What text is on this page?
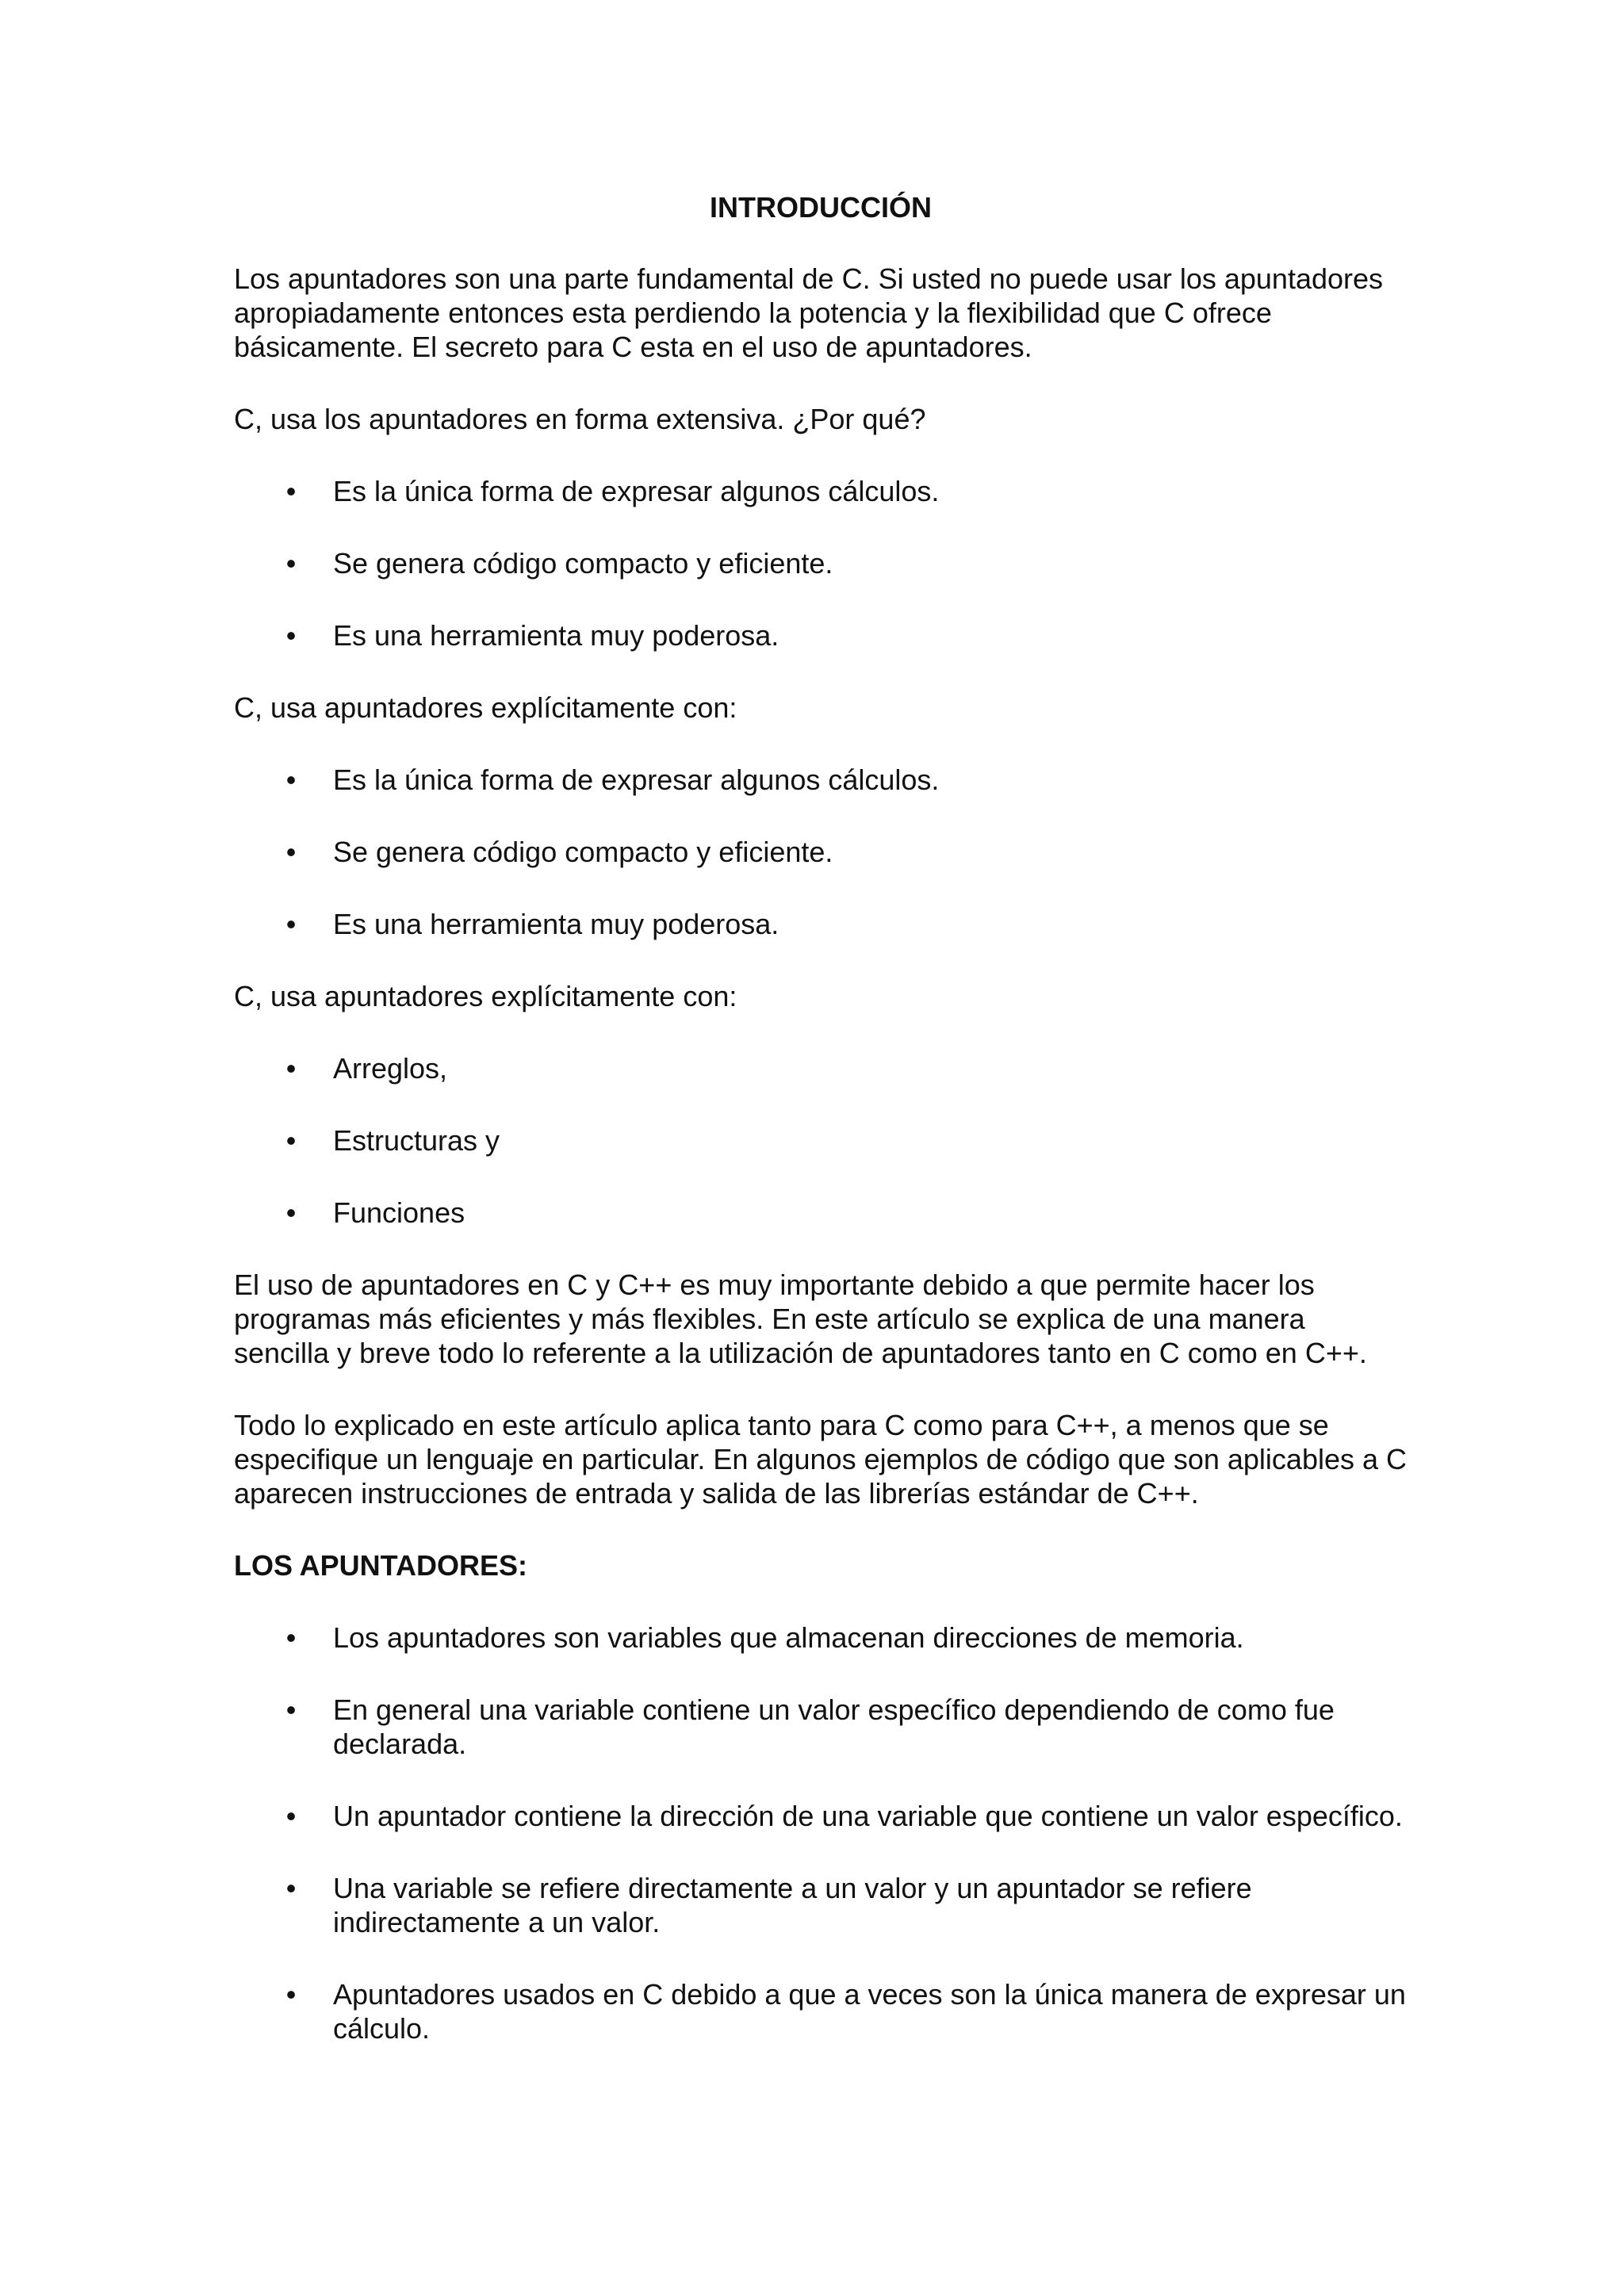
INTRODUCCIÓN

Los apuntadores son una parte fundamental de C. Si usted no puede usar los apuntadores apropiadamente entonces esta perdiendo la potencia y la flexibilidad que C ofrece básicamente. El secreto para C esta en el uso de apuntadores.

C, usa los apuntadores en forma extensiva. ¿Por qué?

• Es la única forma de expresar algunos cálculos.
• Se genera código compacto y eficiente.
• Es una herramienta muy poderosa.

C, usa apuntadores explícitamente con:

• Es la única forma de expresar algunos cálculos.
• Se genera código compacto y eficiente.
• Es una herramienta muy poderosa.

C, usa apuntadores explícitamente con:

• Arreglos,
• Estructuras y
• Funciones

El uso de apuntadores en C y C++ es muy importante debido a que permite hacer los programas más eficientes y más flexibles. En este artículo se explica de una manera sencilla y breve todo lo referente a la utilización de apuntadores tanto en C como en C++.

Todo lo explicado en este artículo aplica tanto para C como para C++, a menos que se especifique un lenguaje en particular. En algunos ejemplos de código que son aplicables a C aparecen instrucciones de entrada y salida de las librerías estándar de C++.

LOS APUNTADORES:
• Los apuntadores son variables que almacenan direcciones de memoria.
• En general una variable contiene un valor específico dependiendo de como fue declarada.
• Un apuntador contiene la dirección de una variable que contiene un valor específico.
• Una variable se refiere directamente a un valor y un apuntador se refiere indirectamente a un valor.
• Apuntadores usados en C debido a que a veces son la única manera de expresar un cálculo.
